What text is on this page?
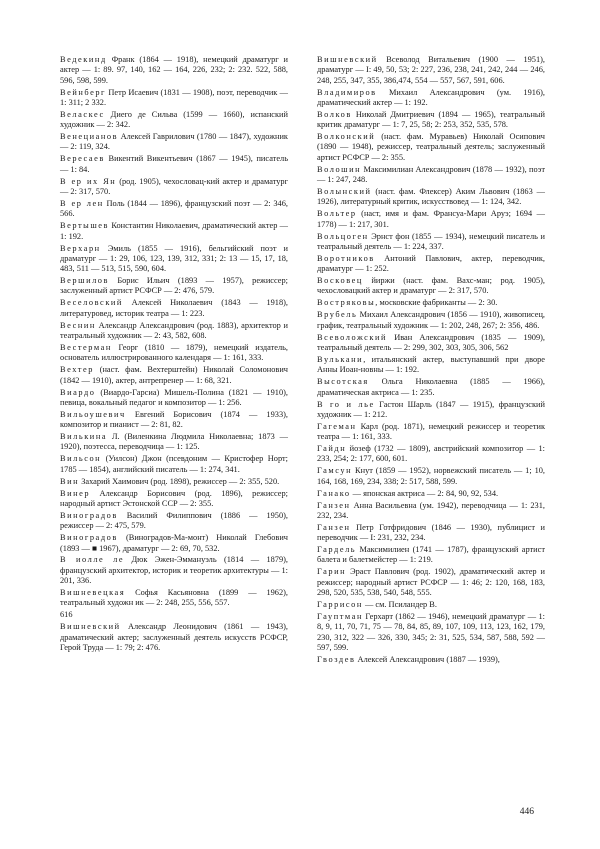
Ведекинд Франк (1864 — 1918), немецкий драматург и актер — 1: 89. 97, 140, 162 — 164, 226, 232; 2: 232. 522, 588, 596, 598, 599.
Вейнберг Петр Исаевич (1831 — 1908), поэт, переводчик — 1: 311; 2 332.
Веласкес Диего де Сильва (1599 — 1660), испанский художник — 2: 342.
Венецианов Алексей Гаврилович (1780 — 1847), художник — 2: 119, 324.
Вересаев Викентий Викентьевич (1867 — 1945), писатель — 1: 84.
В ер их Ян (род. 1905), чехословац-кий актер и драматург — 2: 317, 570.
В ер лен Поль (1844 — 1896), французский поэт — 2: 346, 566.
Вертышев Константин Николаевич, драматический актер — 1: 192.
Верхарн Эмиль (1855 — 1916), бельгийский поэт и драматург — 1: 29, 106, 123, 139, 312, 331; 2: 13 — 15, 17, 18, 483, 511 — 513, 515, 590, 604.
Вершилов Борис Ильич (1893 — 1957), режиссер; заслуженный артист РСФСР — 2: 476, 579.
Веселовский Алексей Николаевич (1843 — 1918), литературовед, историк театра — 1: 223.
Веснин Александр Александрович (род. 1883), архитектор и театральный художник — 2: 43, 582, 608.
Вестерман Георг (1810 — 1879), немецкий издатель, основатель иллюстрированного календаря — 1: 161, 333.
Вехтер (наст. фам. Вехтерштейн) Николай Соломонович (1842 — 1910), актер, антрепренер — 1: 68, 321.
Виардо (Виардо-Гарсиа) Мишель-Полина (1821 — 1910), певица, вокальный педагог и композитор — 1: 256.
Вильоушевич Евгений Борисович (1874 — 1933), композитор и пианист — 2: 81, 82.
Вилькина Л. (Виленкина Людмила Николаевна; 1873 — 1920), поэтесса, переводчица — 1: 125.
Вильсон (Уилсон) Джон (псевдоним — Кристофер Норт; 1785 — 1854), английский писатель — 1: 274, 341.
Вин Захарий Хаимович (род. 1898), режиссер — 2: 355, 520.
Винер Александр Борисович (род. 1896), режиссер; народный артист Эстонской ССР — 2: 355.
Виноградов Василий Филиппович (1886 — 1950), режиссер — 2: 475, 579.
Виноградов (Виноградов-Ма-монт) Николай Глебович (1893 — ■ 1967), драматург — 2: 69, 70, 532.
В иолле ле Дюк Эжен-Эммануэль (1814 — 1879), французский архитектор, историк и теоретик архитектуры — 1: 201, 336.
Вишневецкая Софья Касьяновна (1899 — 1962), театральный художн ик — 2: 248, 255, 556, 557.
616
Вишневский Александр Леонидович (1861 — 1943), драматический актер; заслуженный деятель искусств РСФСР, Герой Труда — 1: 79; 2: 476.
Вишневский Всеволод Витальевич (1900 — 1951), драматург — I: 49, 50, 53; 2: 227, 236, 238, 241, 242, 244 — 246, 248, 255, 347, 355, 386,474, 554 — 557, 567, 591, 606.
Владимиров Михаил Александрович (ум. 1916), драматический актер — 1: 192.
Волков Николай Дмитриевич (1894 — 1965), театральный критик драматург — 1: 7, 25, 58; 2: 253, 352, 535, 578.
Волконский (наст. фам. Муравьев) Николай Осипович (1890 — 1948), режиссер, театральный деятель; заслуженный артист РСФСР — 2: 355.
Волошин Максимилиан Александрович (1878 — 1932), поэт — 1: 247, 248.
Волынский (наст. фам. Флексер) Аким Львович (1863 — 1926), литературный критик, искусствовед — 1: 124, 342.
Вольтер (наст, имя и фам. Франсуа-Мари Аруэ; 1694 — 1778) — 1: 217, 301.
Вольцоген Эрнст фон (1855 — 1934), немецкий писатель и театральный деятель — 1: 224, 337.
Воротников Антоний Павлович, актер, переводчик, драматург — 1: 252.
Восковец йиржи (наст. фам. Вахс-ман; род. 1905), чехословацкий актер и драматург — 2: 317, 570.
Востряковы, московские фабриканты — 2: 30.
Врубель Михаил Александрович (1856 — 1910), живописец, график, театральный художник — 1: 202, 248, 267; 2: 356, 486.
Всеволожский Иван Александрович (1835 — 1909), театральный деятель — 2: 299, 302, 303, 305, 306, 562
Вулькани, итальянский актер, выступавший при дворе Анны Иоан-новны — 1: 192.
Высотская Ольга Николаевна (1885 — 1966), драматическая актриса — 1: 235.
В го и лье Гастон Шарль (1847 — 1915), французский художник — 1: 212.
Гагеман Карл (род. 1871), немецкий режиссер и теоретик театра — 1: 161, 333.
Гайдн йозеф (1732 — 1809), австрийский композитор — 1: 233, 254; 2: 177, 600, 601.
Гамсун Кнут (1859 — 1952), норвежский писатель — 1; 10, 164, 168, 169, 234, 338; 2: 517, 588, 599.
Ганако — японская актриса — 2: 84, 90, 92, 534.
Ганзен Анна Васильевна (ум. 1942), переводчица — 1: 231, 232, 234.
Ганзен Петр Готфридович (1846 — 1930), публицист и переводчик — I: 231, 232, 234.
Гардель Максимилиен (1741 — 1787), французский артист балета и балетмейстер — 1: 219.
Гарин Эраст Павлович (род. 1902), драматический актер и режиссер; народный артист РСФСР — 1: 46; 2: 120, 168, 183, 298, 520, 535, 538, 540, 548, 555.
Гаррисон — см. Псиландер В.
Гауптман Герхарт (1862 — 1946), немецкий драматург — 1: 8, 9, 11, 70, 71, 75 — 78, 84, 85, 89, 107, 109, 113, 123, 162, 179, 230, 312, 322 — 326, 330, 345; 2: 31, 525, 534, 587, 588, 592 — 597, 599.
Гвоздев Алексей Александрович (1887 — 1939),
446
